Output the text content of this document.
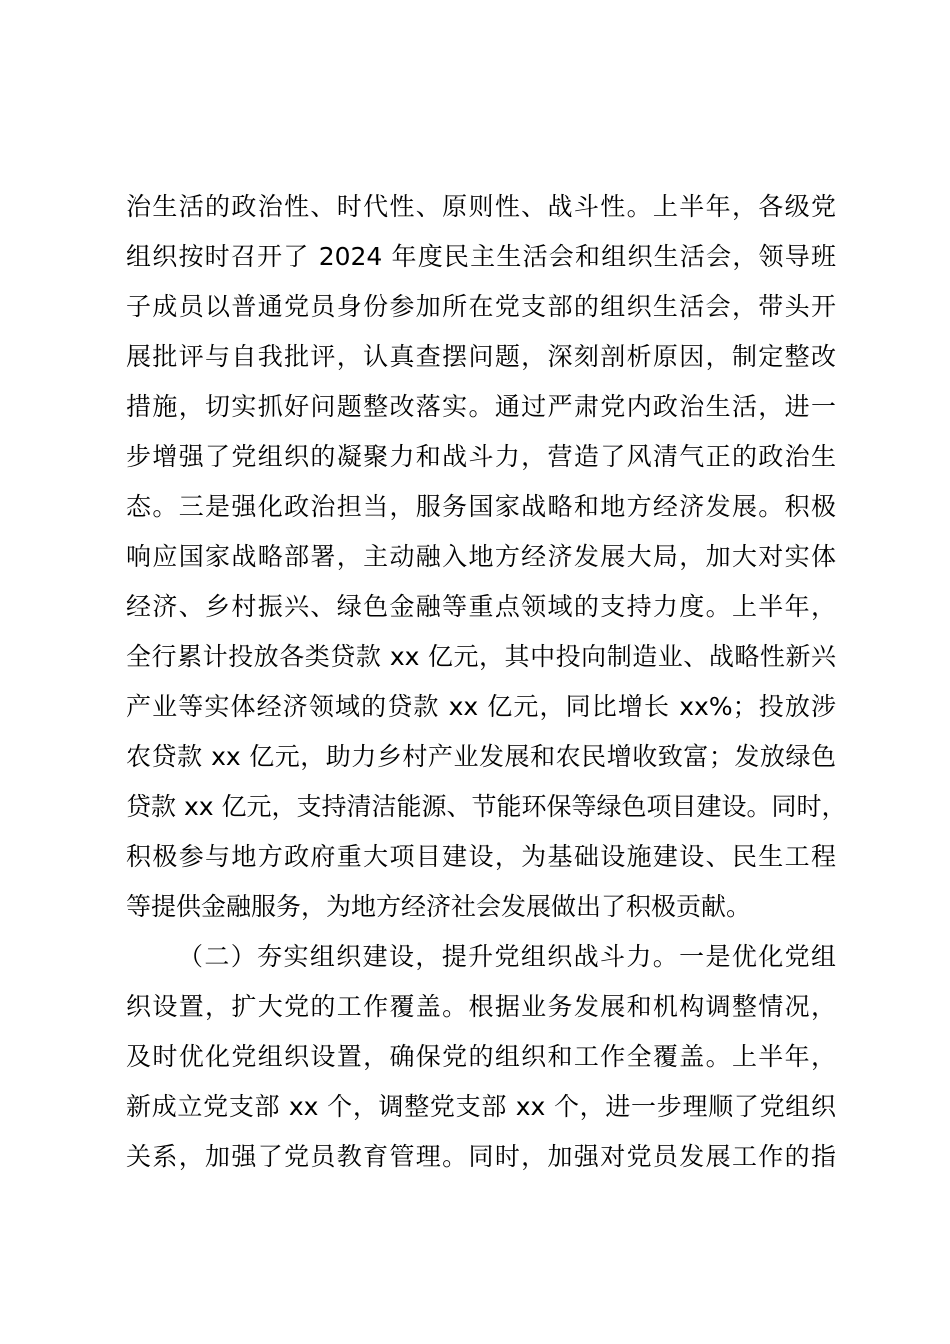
治生活的政治性、时代性、原则性、战斗性。上半年，各级党
组织按时召开了 2024 年度民主生活会和组织生活会，领导班
子成员以普通党员身份参加所在党支部的组织生活会，带头开
展批评与自我批评，认真查摆问题，深刻剖析原因，制定整改
措施，切实抓好问题整改落实。通过严肃党内政治生活，进一
步增强了党组织的凝聚力和战斗力，营造了风清气正的政治生
态。三是强化政治担当，服务国家战略和地方经济发展。积极
响应国家战略部署，主动融入地方经济发展大局，加大对实体
经济、乡村振兴、绿色金融等重点领域的支持力度。上半年，
全行累计投放各类贷款 xx 亿元，其中投向制造业、战略性新兴
产业等实体经济领域的贷款 xx 亿元，同比增长 xx%；投放涉
农贷款 xx 亿元，助力乡村产业发展和农民增收致富；发放绿色
贷款 xx 亿元，支持清洁能源、节能环保等绿色项目建设。同时，
积极参与地方政府重大项目建设，为基础设施建设、民生工程
等提供金融服务，为地方经济社会发展做出了积极贡献。
（二）夯实组织建设，提升党组织战斗力。一是优化党组
织设置，扩大党的工作覆盖。根据业务发展和机构调整情况，
及时优化党组织设置，确保党的组织和工作全覆盖。上半年，
新成立党支部 xx 个，调整党支部 xx 个，进一步理顺了党组织
关系，加强了党员教育管理。同时，加强对党员发展工作的指
